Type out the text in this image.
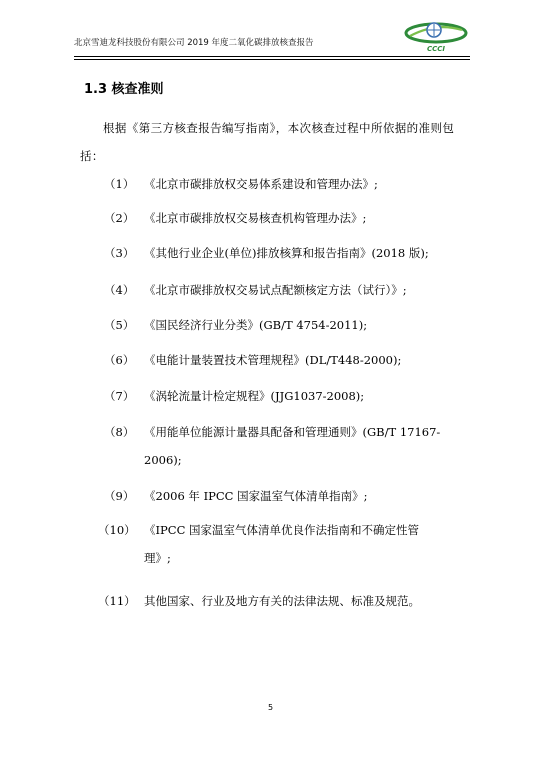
北京雪迪龙科技股份有限公司 2019 年度二氧化碳排放核查报告
CCCI
1.3 核查准则
根据《第三方核查报告编写指南》，本次核查过程中所依据的准则包括：
（1） 《北京市碳排放权交易体系建设和管理办法》;
（2） 《北京市碳排放权交易核查机构管理办法》;
（3） 《其他行业企业(单位)排放核算和报告指南》(2018 版);
（4） 《北京市碳排放权交易试点配额核定方法（试行）》;
（5） 《国民经济行业分类》(GB/T 4754-2011);
（6） 《电能计量装置技术管理规程》(DL/T448-2000);
（7） 《涡轮流量计检定规程》(JJG1037-2008);
（8） 《用能单位能源计量器具配备和管理通则》(GB/T 17167-
2006);
（9） 《2006 年 IPCC 国家温室气体清单指南》;
（10） 《IPCC 国家温室气体清单优良作法指南和不确定性管
理》;
（11） 其他国家、行业及地方有关的法律法规、标准及规范。
5
